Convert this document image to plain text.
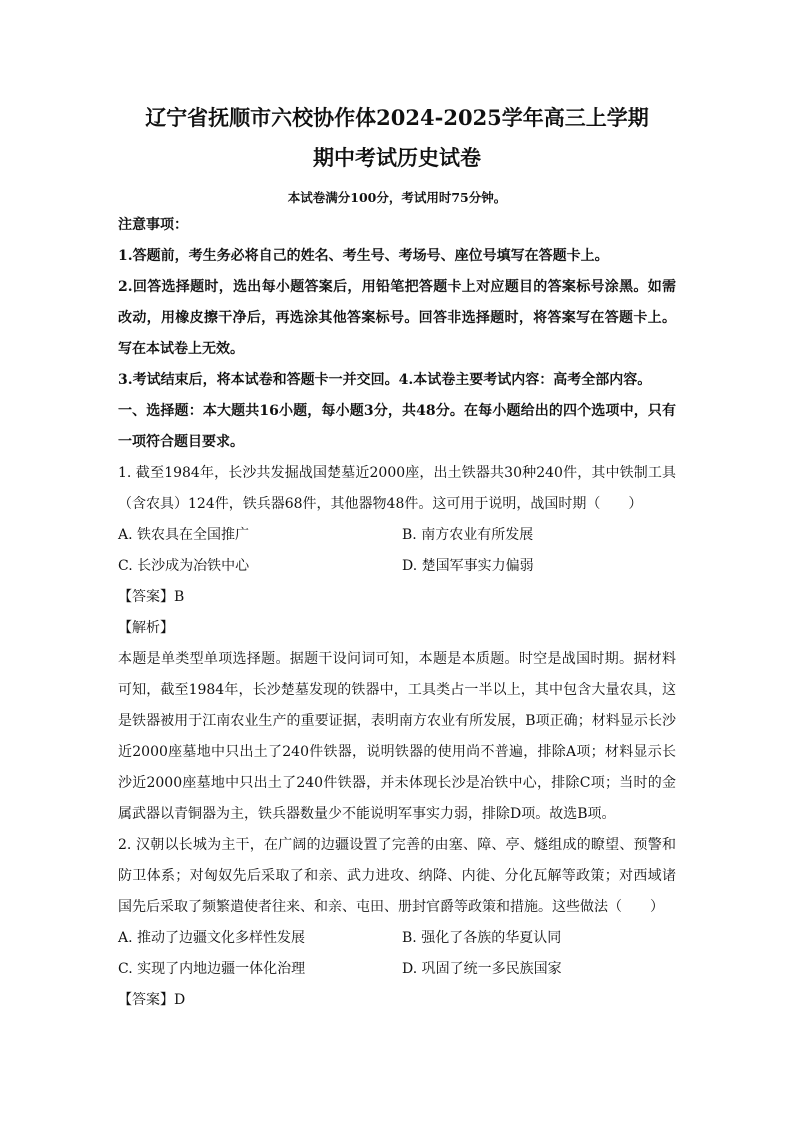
辽宁省抚顺市六校协作体2024-2025学年高三上学期
期中考试历史试卷
本试卷满分100分，考试用时75分钟。

注意事项：

1.答题前，考生务必将自己的姓名、考生号、考场号、座位号填写在答题卡上。

2.回答选择题时，选出每小题答案后，用铅笔把答题卡上对应题目的答案标号涂黑。如需改动，用橡皮擦干净后，再选涂其他答案标号。回答非选择题时，将答案写在答题卡上。写在本试卷上无效。

3.考试结束后，将本试卷和答题卡一并交回。4.本试卷主要考试内容：高考全部内容。

一、选择题：本大题共16小题，每小题3分，共48分。在每小题给出的四个选项中，只有一项符合题目要求。

1. 截至1984年，长沙共发掘战国楚墓近2000座，出土铁器共30种240件，其中铁制工具（含农具）124件，铁兵器68件，其他器物48件。这可用于说明，战国时期（　　）

A. 铁农具在全国推广	B. 南方农业有所发展
C. 长沙成为冶铁中心	D. 楚国军事实力偏弱

【答案】B

【解析】

本题是单类型单项选择题。据题干设问词可知，本题是本质题。时空是战国时期。据材料可知，截至1984年，长沙楚墓发现的铁器中，工具类占一半以上，其中包含大量农具，这是铁器被用于江南农业生产的重要证据，表明南方农业有所发展，B项正确；材料显示长沙近2000座墓地中只出土了240件铁器，说明铁器的使用尚不普遍，排除A项；材料显示长沙近2000座墓地中只出土了240件铁器，并未体现长沙是冶铁中心，排除C项；当时的金属武器以青铜器为主，铁兵器数量少不能说明军事实力弱，排除D项。故选B项。

2. 汉朝以长城为主干，在广阔的边疆设置了完善的由塞、障、亭、燧组成的瞭望、预警和防卫体系；对匈奴先后采取了和亲、武力进攻、纳降、内徙、分化瓦解等政策；对西域诸国先后采取了频繁遣使者往来、和亲、屯田、册封官爵等政策和措施。这些做法（　　）

A. 推动了边疆文化多样性发展	B. 强化了各族的华夏认同
C. 实现了内地边疆一体化治理	D. 巩固了统一多民族国家

【答案】D
